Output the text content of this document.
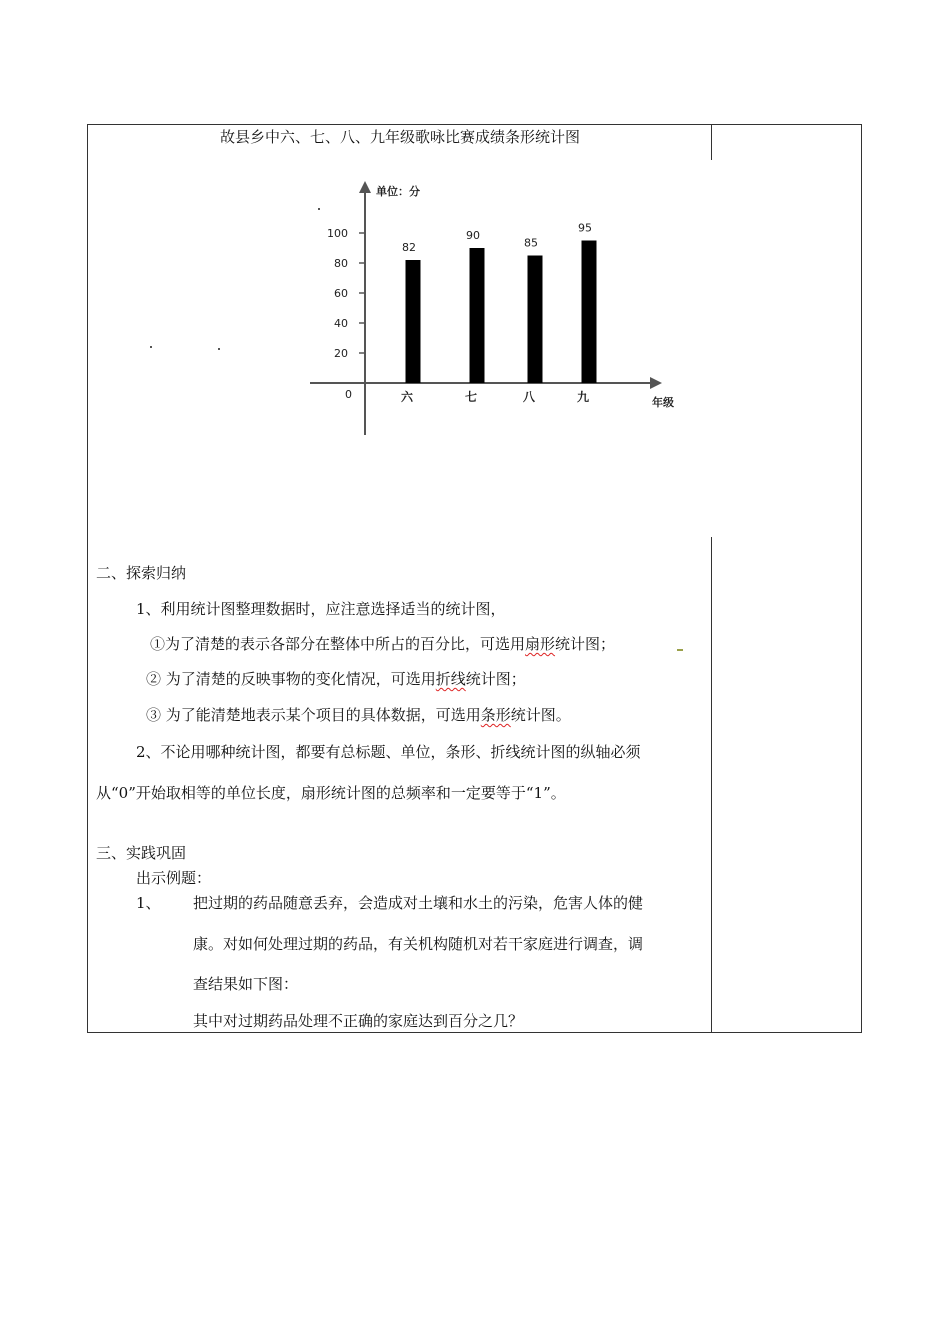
故县乡中六、七、八、九年级歌咏比赛成绩条形统计图
单位：分
年级
0
20
40
60
80
100
82
六
90
七
85
八
95
九
二、探索归纳
1、利用统计图整理数据时，应注意选择适当的统计图，
①为了清楚的表示各部分在整体中所占的百分比，可选用扇形统计图；
② 为了清楚的反映事物的变化情况，可选用折线统计图；
③ 为了能清楚地表示某个项目的具体数据，可选用条形统计图。
2、不论用哪种统计图，都要有总标题、单位，条形、折线统计图的纵轴必须
从“0”开始取相等的单位长度，扇形统计图的总频率和一定要等于“1”。
三、实践巩固
出示例题：
1、 把过期的药品随意丢弃，会造成对土壤和水土的污染，危害人体的健
康。对如何处理过期的药品，有关机构随机对若干家庭进行调查，调
查结果如下图：
其中对过期药品处理不正确的家庭达到百分之几？
